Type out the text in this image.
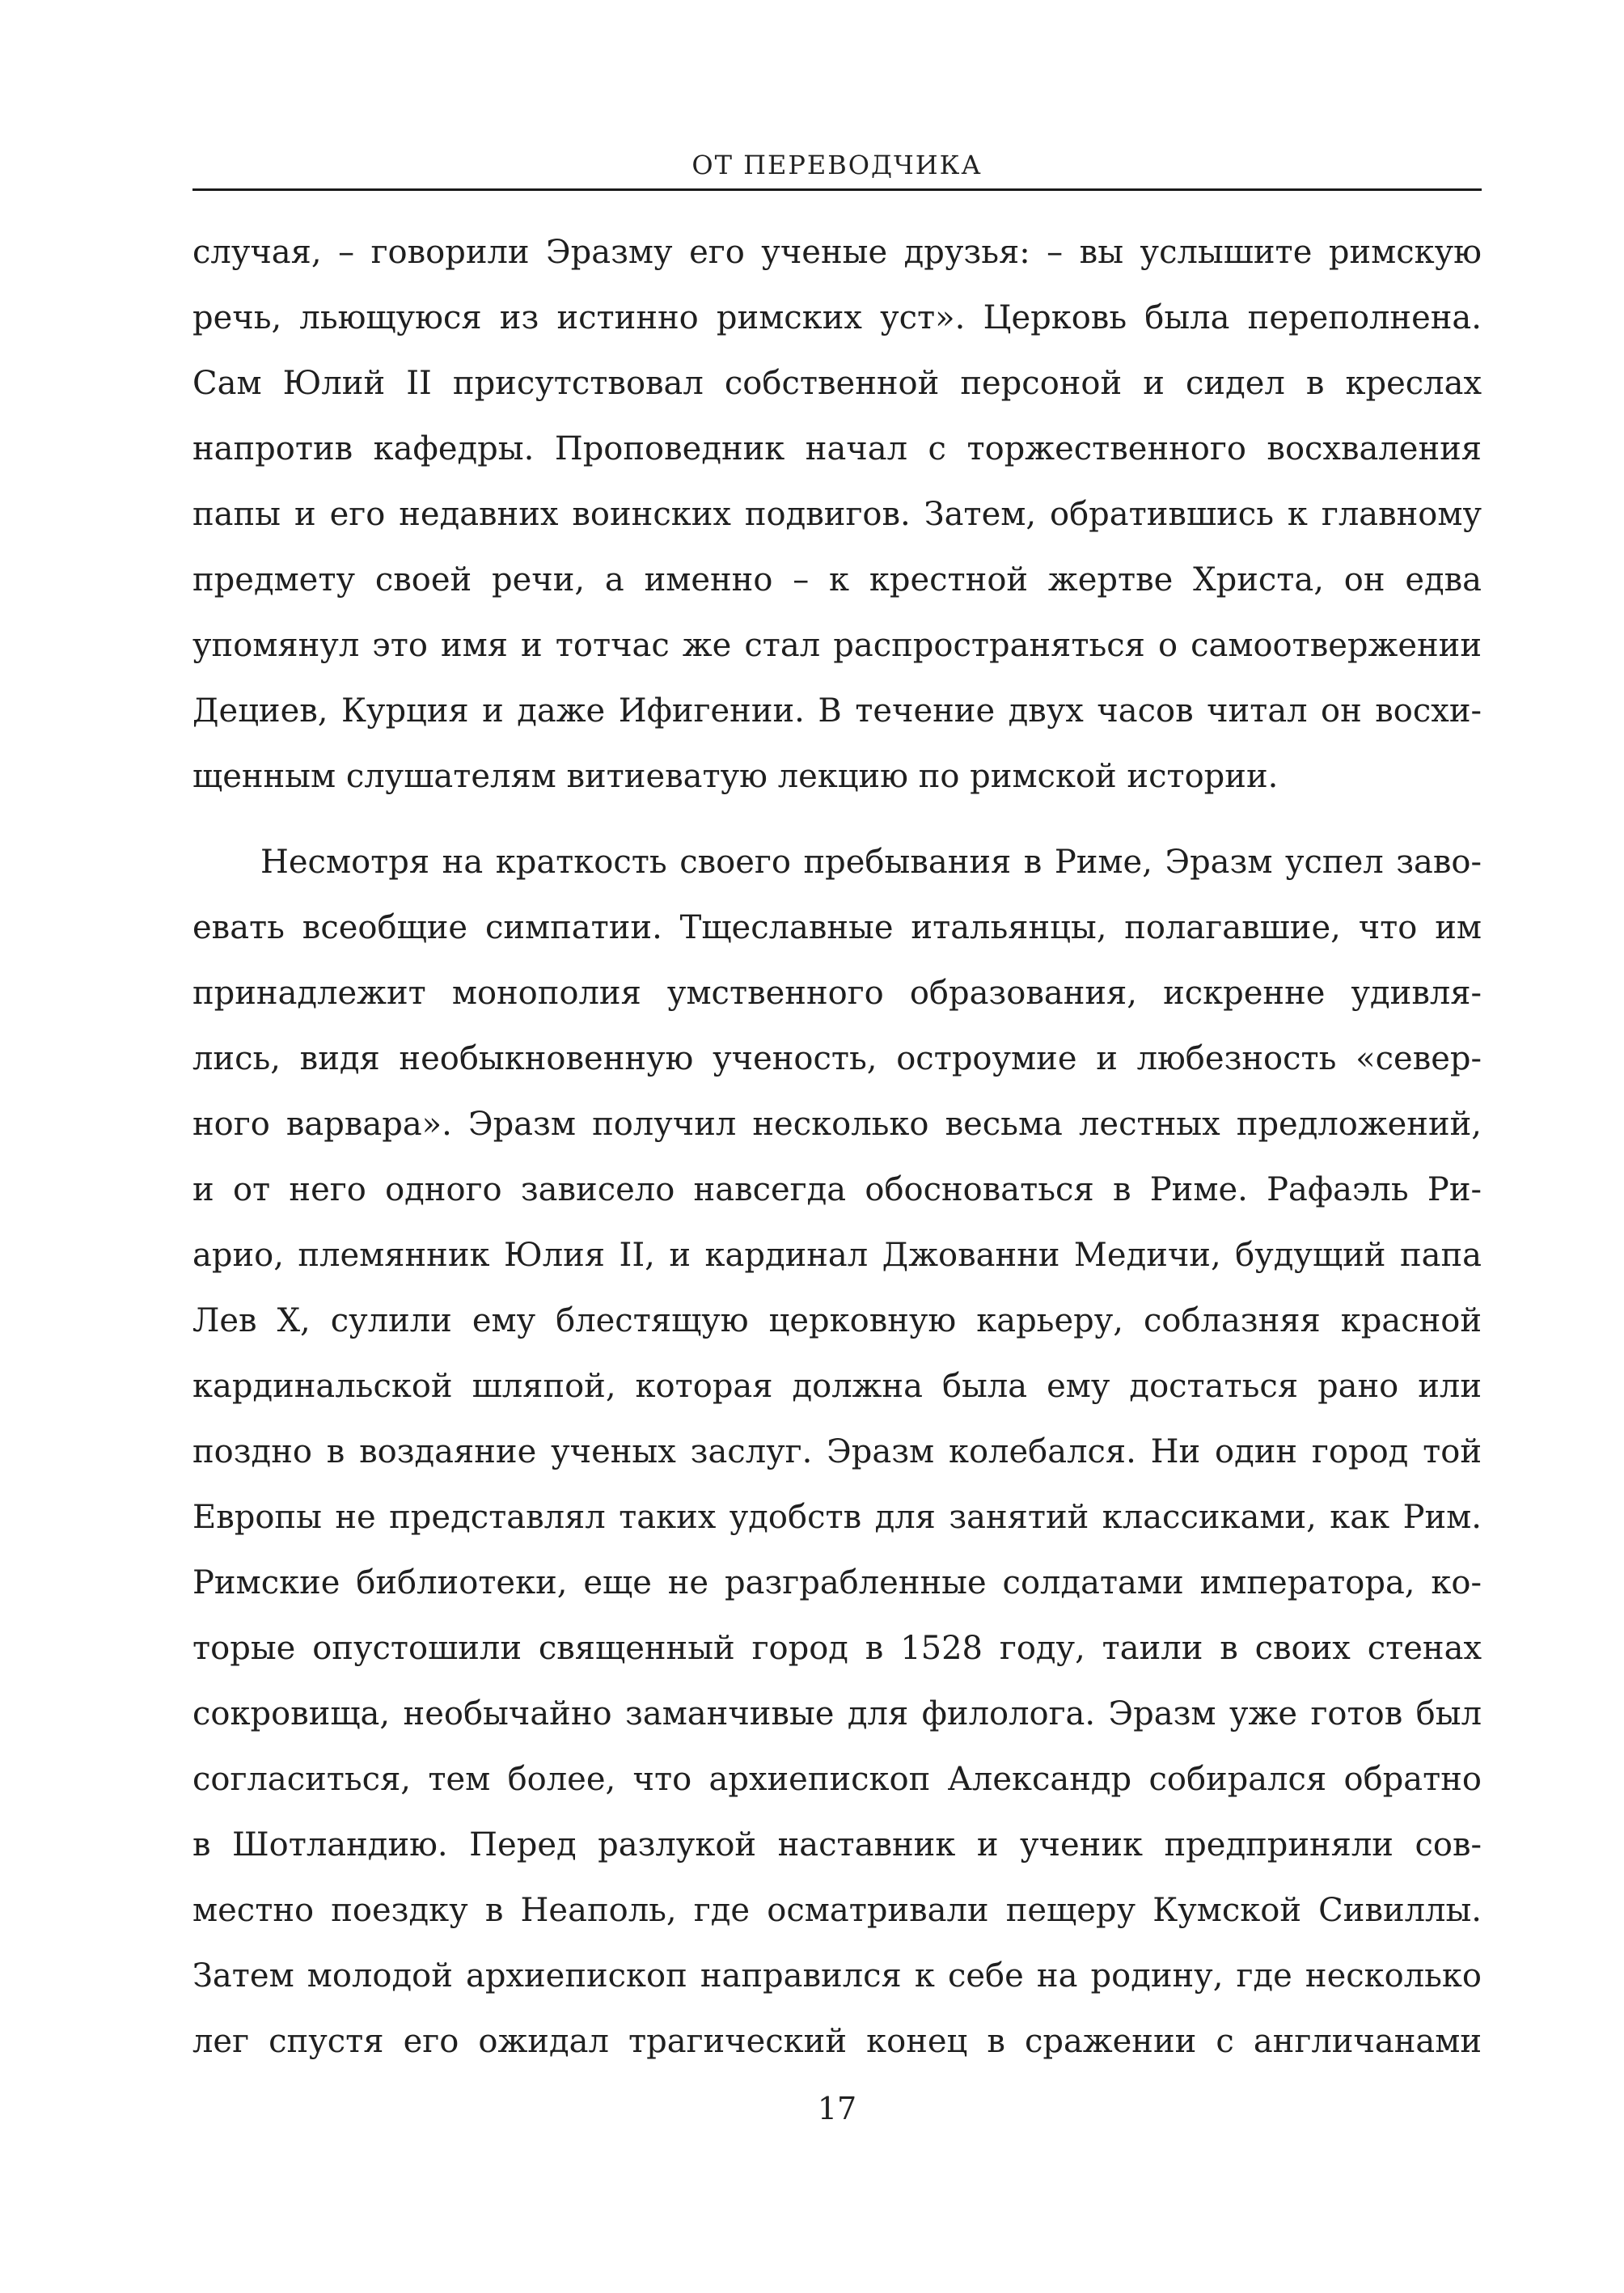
ОТ ПЕРЕВОДЧИКА
случая, – говорили Эразму его ученые друзья: – вы услышите римскую
речь, льющуюся из истинно римских уст». Церковь была переполнена.
Сам Юлий II присутствовал собственной персоной и сидел в креслах
напротив кафедры. Проповедник начал с торжественного восхваления
папы и его недавних воинских подвигов. Затем, обратившись к главному
предмету своей речи, а именно – к крестной жертве Христа, он едва
упомянул это имя и тотчас же стал распространяться о самоотвержении
Дециев, Курция и даже Ифигении. В течение двух часов читал он восхи-
щенным слушателям витиеватую лекцию по римской истории.
Несмотря на краткость своего пребывания в Риме, Эразм успел заво-
евать всеобщие симпатии. Тщеславные итальянцы, полагавшие, что им
принадлежит монополия умственного образования, искренне удивля-
лись, видя необыкновенную ученость, остроумие и любезность «север-
ного варвара». Эразм получил несколько весьма лестных предложений,
и от него одного зависело навсегда обосноваться в Риме. Рафаэль Ри-
арио, племянник Юлия II, и кардинал Джованни Медичи, будущий папа
Лев X, сулили ему блестящую церковную карьеру, соблазняя красной
кардинальской шляпой, которая должна была ему достаться рано или
поздно в воздаяние ученых заслуг. Эразм колебался. Ни один город той
Европы не представлял таких удобств для занятий классиками, как Рим.
Римские библиотеки, еще не разграбленные солдатами императора, ко-
торые опустошили священный город в 1528 году, таили в своих стенах
сокровища, необычайно заманчивые для филолога. Эразм уже готов был
согласиться, тем более, что архиепископ Александр собирался обратно
в Шотландию. Перед разлукой наставник и ученик предприняли сов-
местно поездку в Неаполь, где осматривали пещеру Кумской Сивиллы.
Затем молодой архиепископ направился к себе на родину, где несколько
лег спустя его ожидал трагический конец в сражении с англичанами
17
